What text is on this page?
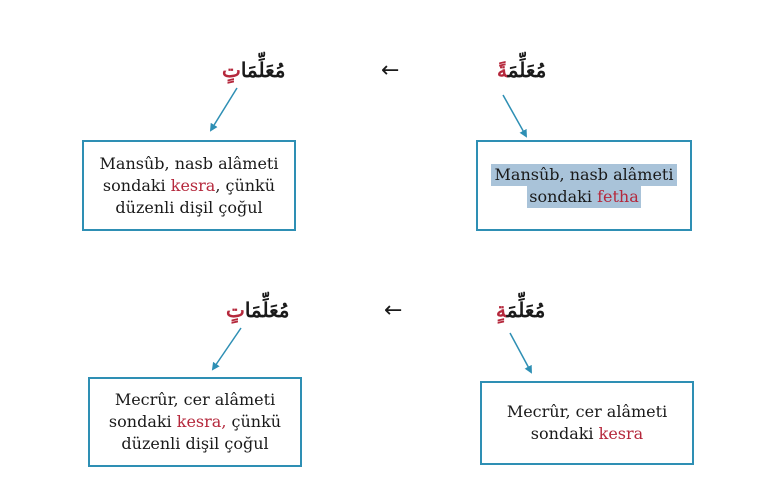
مُعَلِّمَاتٍ	←	مُعَلِّمَةً
Mansûb, nasb alâmeti
sondaki kesra, çünkü
düzenli dişil çoğul
Mansûb, nasb alâmeti
sondaki fetha
مُعَلِّمَاتٍ	←	مُعَلِّمَةٍ
Mecrûr, cer alâmeti
sondaki kesra, çünkü
düzenli dişil çoğul
Mecrûr, cer alâmeti
sondaki kesra
